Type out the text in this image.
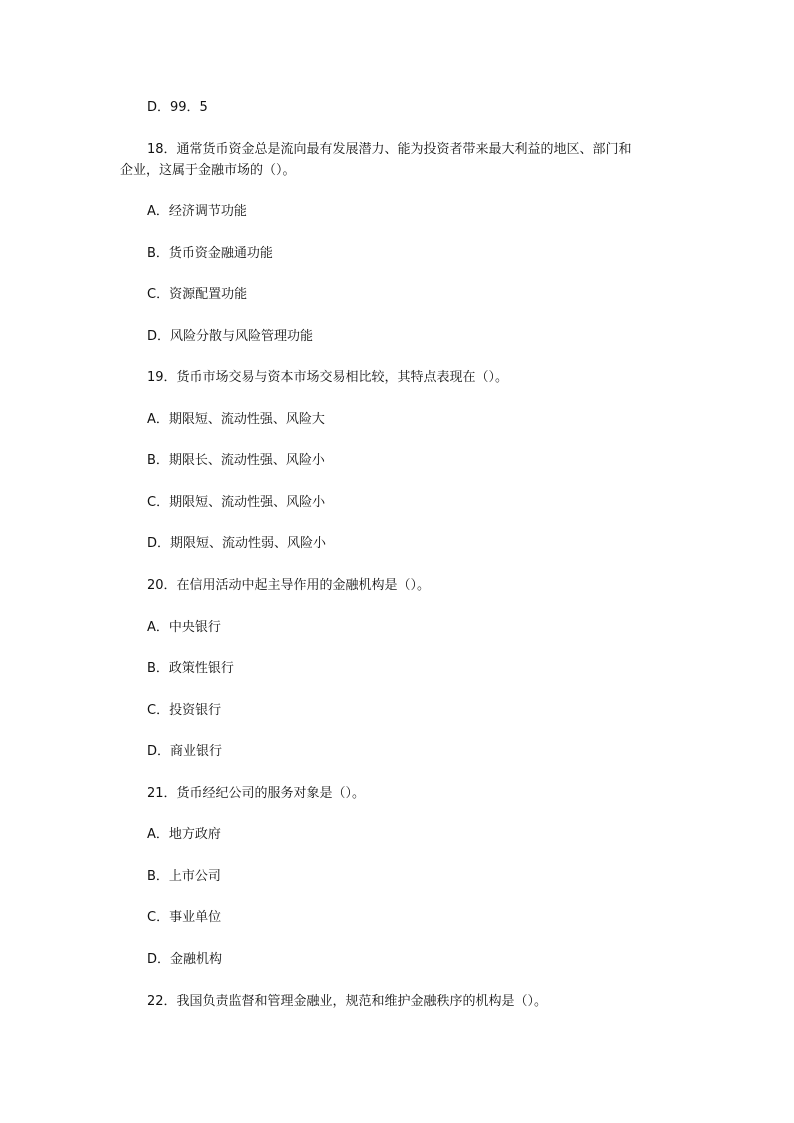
D．99．5
18．通常货币资金总是流向最有发展潜力、能为投资者带来最大利益的地区、部门和
企业，这属于金融市场的（）。
A．经济调节功能
B．货币资金融通功能
C．资源配置功能
D．风险分散与风险管理功能
19．货币市场交易与资本市场交易相比较，其特点表现在（）。
A．期限短、流动性强、风险大
B．期限长、流动性强、风险小
C．期限短、流动性强、风险小
D．期限短、流动性弱、风险小
20．在信用活动中起主导作用的金融机构是（）。
A．中央银行
B．政策性银行
C．投资银行
D．商业银行
21．货币经纪公司的服务对象是（）。
A．地方政府
B．上市公司
C．事业单位
D．金融机构
22．我国负责监督和管理金融业，规范和维护金融秩序的机构是（）。
